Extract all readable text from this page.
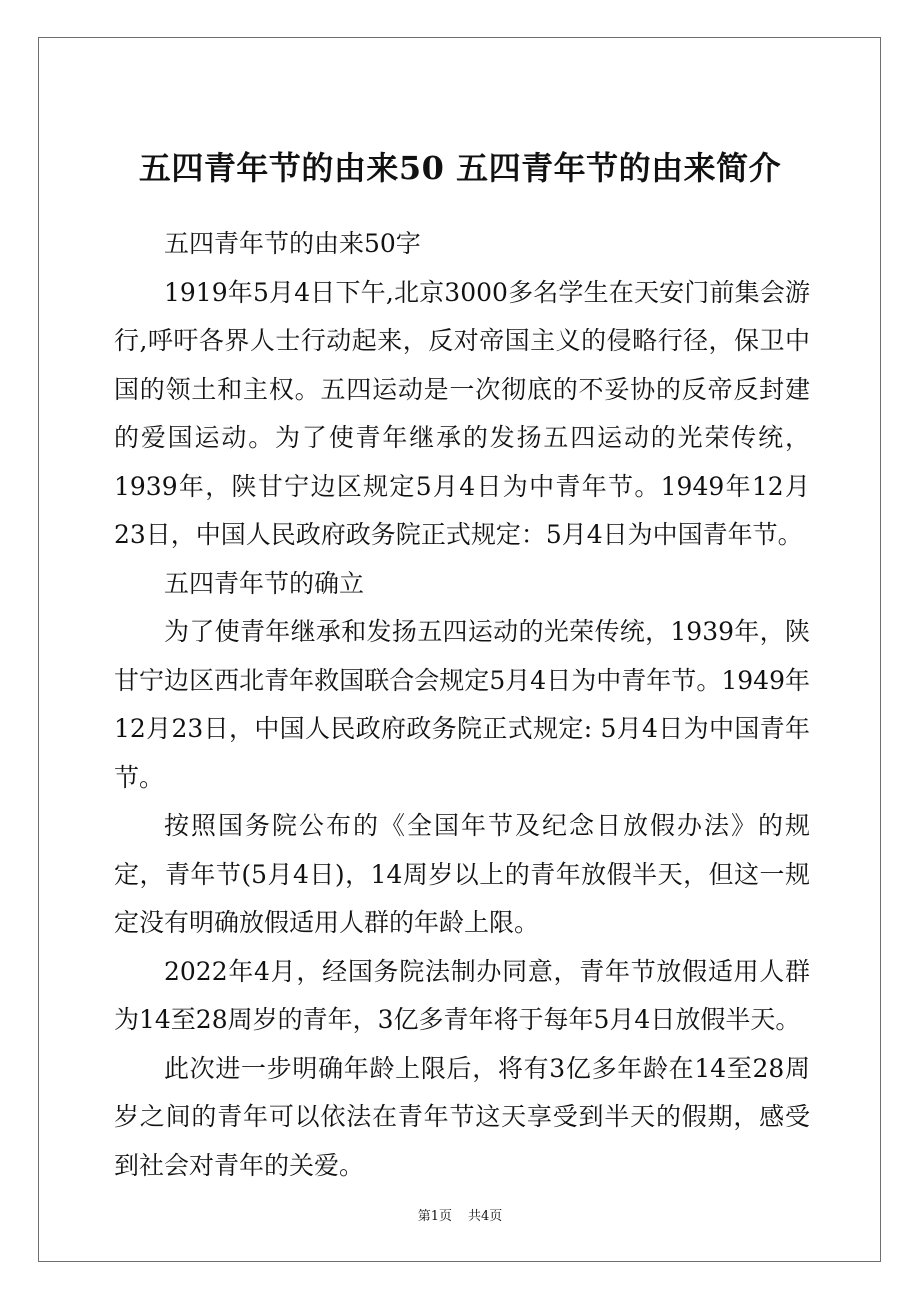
五四青年节的由来50 五四青年节的由来简介

五四青年节的由来50字

1919年5月4日下午,北京3000多名学生在天安门前集会游行,呼吁各界人士行动起来，反对帝国主义的侵略行径，保卫中国的领土和主权。五四运动是一次彻底的不妥协的反帝反封建的爱国运动。为了使青年继承的发扬五四运动的光荣传统，1939年，陕甘宁边区规定5月4日为中青年节。1949年12月23日，中国人民政府政务院正式规定：5月4日为中国青年节。

五四青年节的确立

为了使青年继承和发扬五四运动的光荣传统，1939年，陕甘宁边区西北青年救国联合会规定5月4日为中青年节。1949年12月23日，中国人民政府政务院正式规定: 5月4日为中国青年节。

按照国务院公布的《全国年节及纪念日放假办法》的规定，青年节(5月4日)，14周岁以上的青年放假半天，但这一规定没有明确放假适用人群的年龄上限。

2022年4月，经国务院法制办同意，青年节放假适用人群为14至28周岁的青年，3亿多青年将于每年5月4日放假半天。

此次进一步明确年龄上限后，将有3亿多年龄在14至28周岁之间的青年可以依法在青年节这天享受到半天的假期，感受到社会对青年的关爱。

第1页 共4页
